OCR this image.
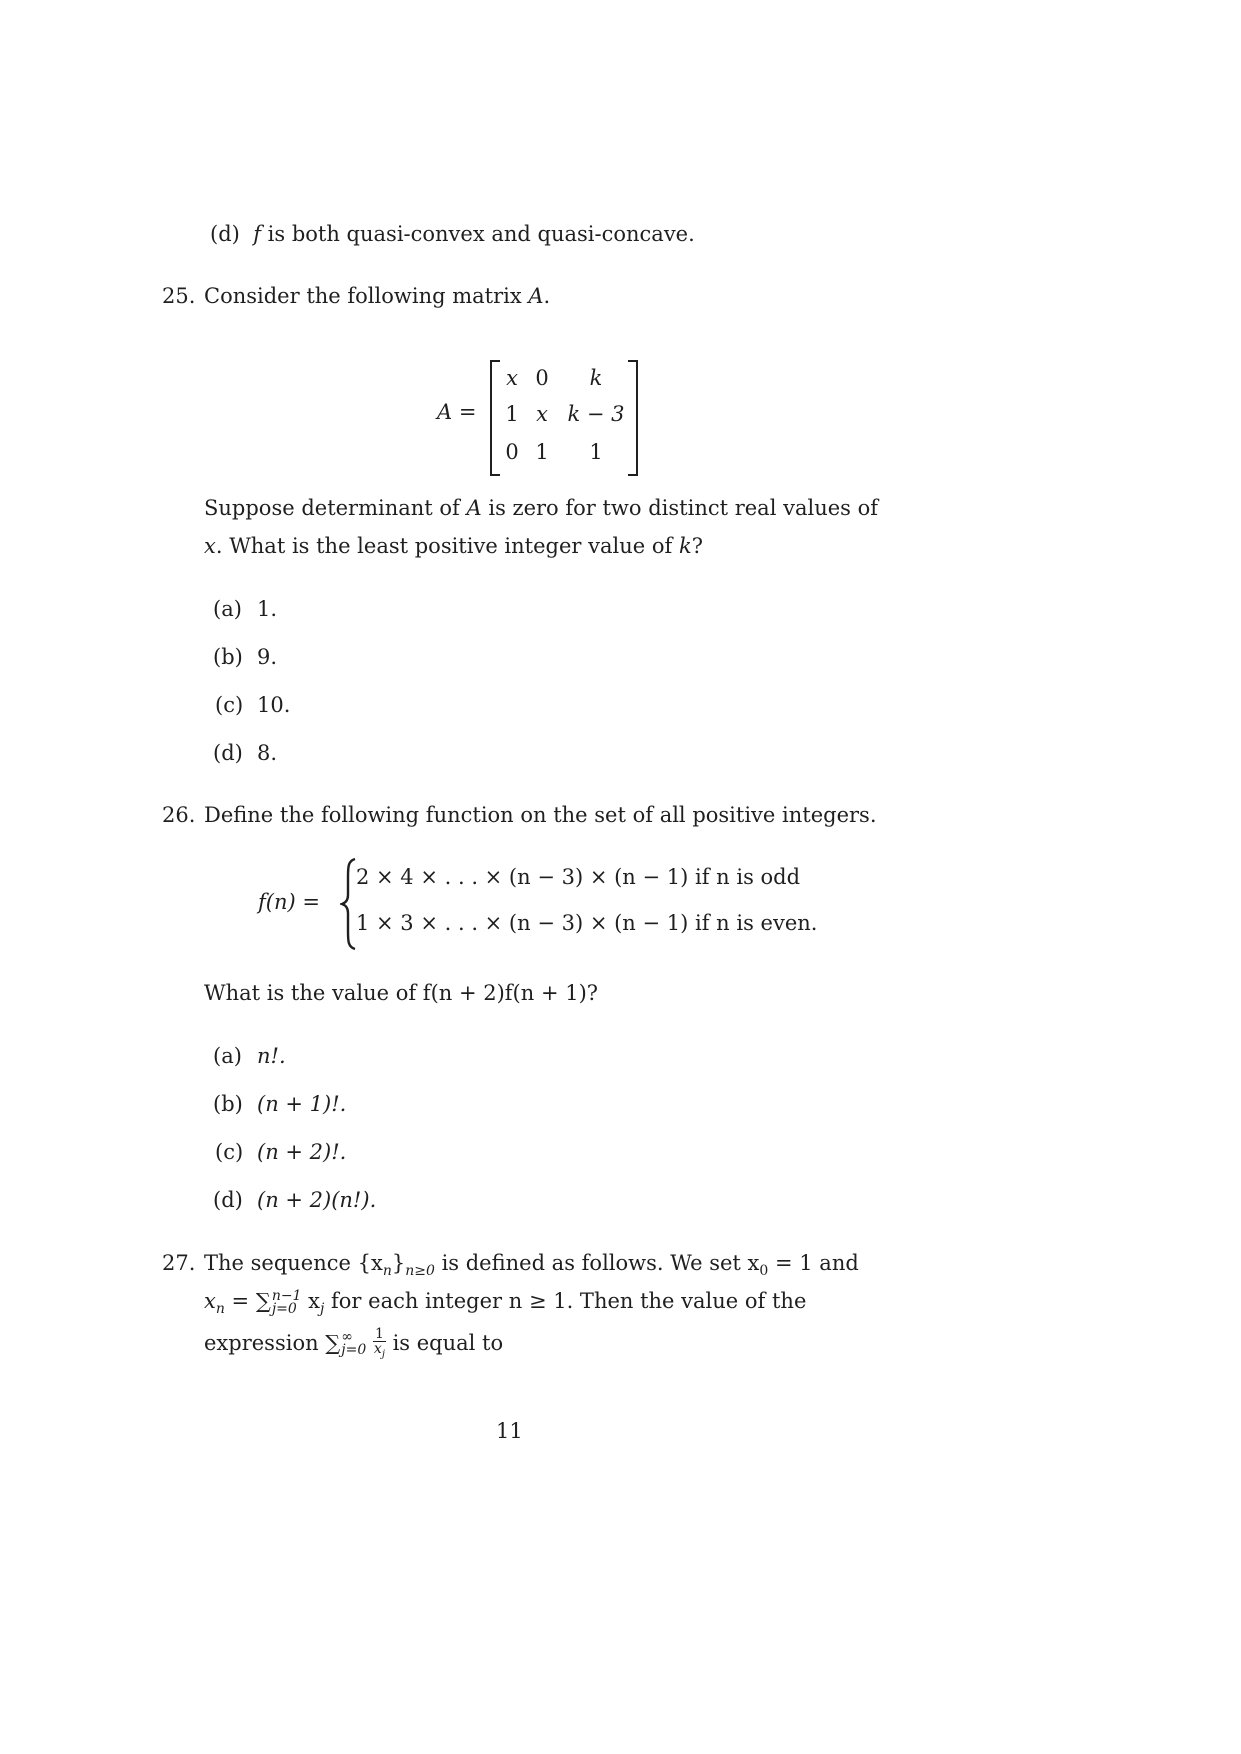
(d) f is both quasi-convex and quasi-concave.
25. Consider the following matrix A.
A =
x 0	k
1 x k − 3
0 1	1
Suppose determinant of A is zero for two distinct real values of
x. What is the least positive integer value of k?
(a) 1.
(b) 9.
(c) 10.
(d) 8.
26. Define the following function on the set of all positive integers.
f(n) =
2 × 4 × . . . × (n − 3) × (n − 1) if n is odd
1 × 3 × . . . × (n − 3) × (n − 1) if n is even.
What is the value of f(n + 2)f(n + 1)?
(a) n!.
(b) (n + 1)!.
(c) (n + 2)!.
(d) (n + 2)(n!).
27. The sequence $\{x_n\}_{n\ge 0}$ is defined as follows. We set $x_0 = 1$ and
$x_n$ = ∑ n−1
j=0 $x_j$ for each integer n ≥ 1. Then the value of the
expression ∑ ∞
j=0
$\frac{1}{x_j}$ is equal to
11
